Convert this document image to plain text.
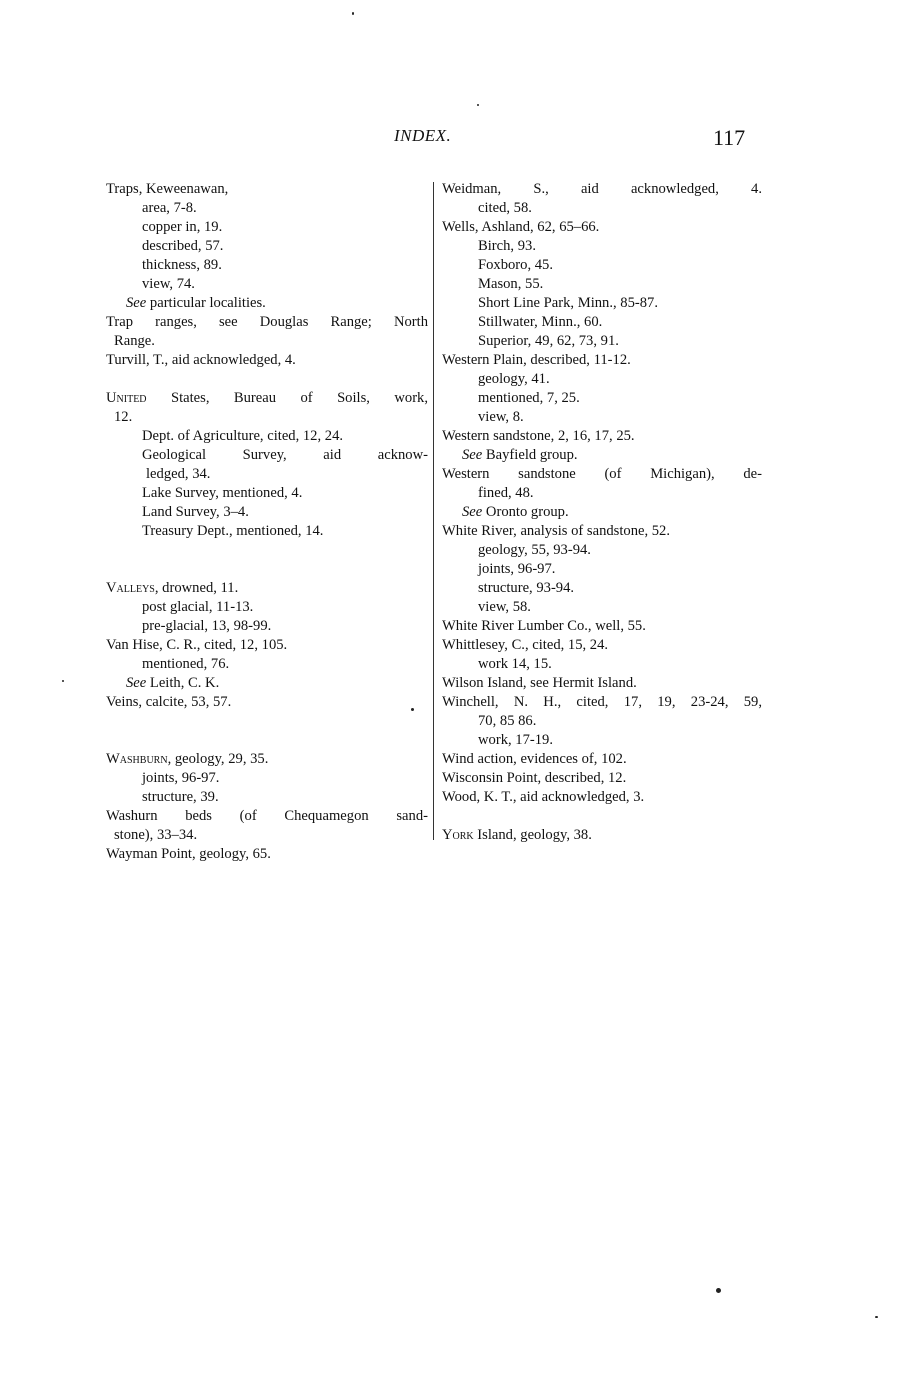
INDEX.	117
Traps, Keweenawan,
area, 7-8.
copper in, 19.
described, 57.
thickness, 89.
view, 74.
See particular localities.
Trap ranges, see Douglas Range; North
Range.
Turvill, T., aid acknowledged, 4.
United States, Bureau of Soils, work,
12.
Dept. of Agriculture, cited, 12, 24.
Geological Survey, aid acknow-
ledged, 34.
Lake Survey, mentioned, 4.
Land Survey, 3–4.
Treasury Dept., mentioned, 14.
Valleys, drowned, 11.
post glacial, 11-13.
pre-glacial, 13, 98-99.
Van Hise, C. R., cited, 12, 105.
mentioned, 76.
See Leith, C. K.
Veins, calcite, 53, 57.
Washburn, geology, 29, 35.
joints, 96-97.
structure, 39.
Washurn beds (of Chequamegon sand-
stone), 33–34.
Wayman Point, geology, 65.
Weidman, S., aid acknowledged, 4.
cited, 58.
Wells, Ashland, 62, 65–66.
Birch, 93.
Foxboro, 45.
Mason, 55.
Short Line Park, Minn., 85-87.
Stillwater, Minn., 60.
Superior, 49, 62, 73, 91.
Western Plain, described, 11-12.
geology, 41.
mentioned, 7, 25.
view, 8.
Western sandstone, 2, 16, 17, 25.
See Bayfield group.
Western sandstone (of Michigan), de-
fined, 48.
See Oronto group.
White River, analysis of sandstone, 52.
geology, 55, 93-94.
joints, 96-97.
structure, 93-94.
view, 58.
White River Lumber Co., well, 55.
Whittlesey, C., cited, 15, 24.
work 14, 15.
Wilson Island, see Hermit Island.
Winchell, N. H., cited, 17, 19, 23-24, 59,
70, 85 86.
work, 17-19.
Wind action, evidences of, 102.
Wisconsin Point, described, 12.
Wood, K. T., aid acknowledged, 3.
York Island, geology, 38.
